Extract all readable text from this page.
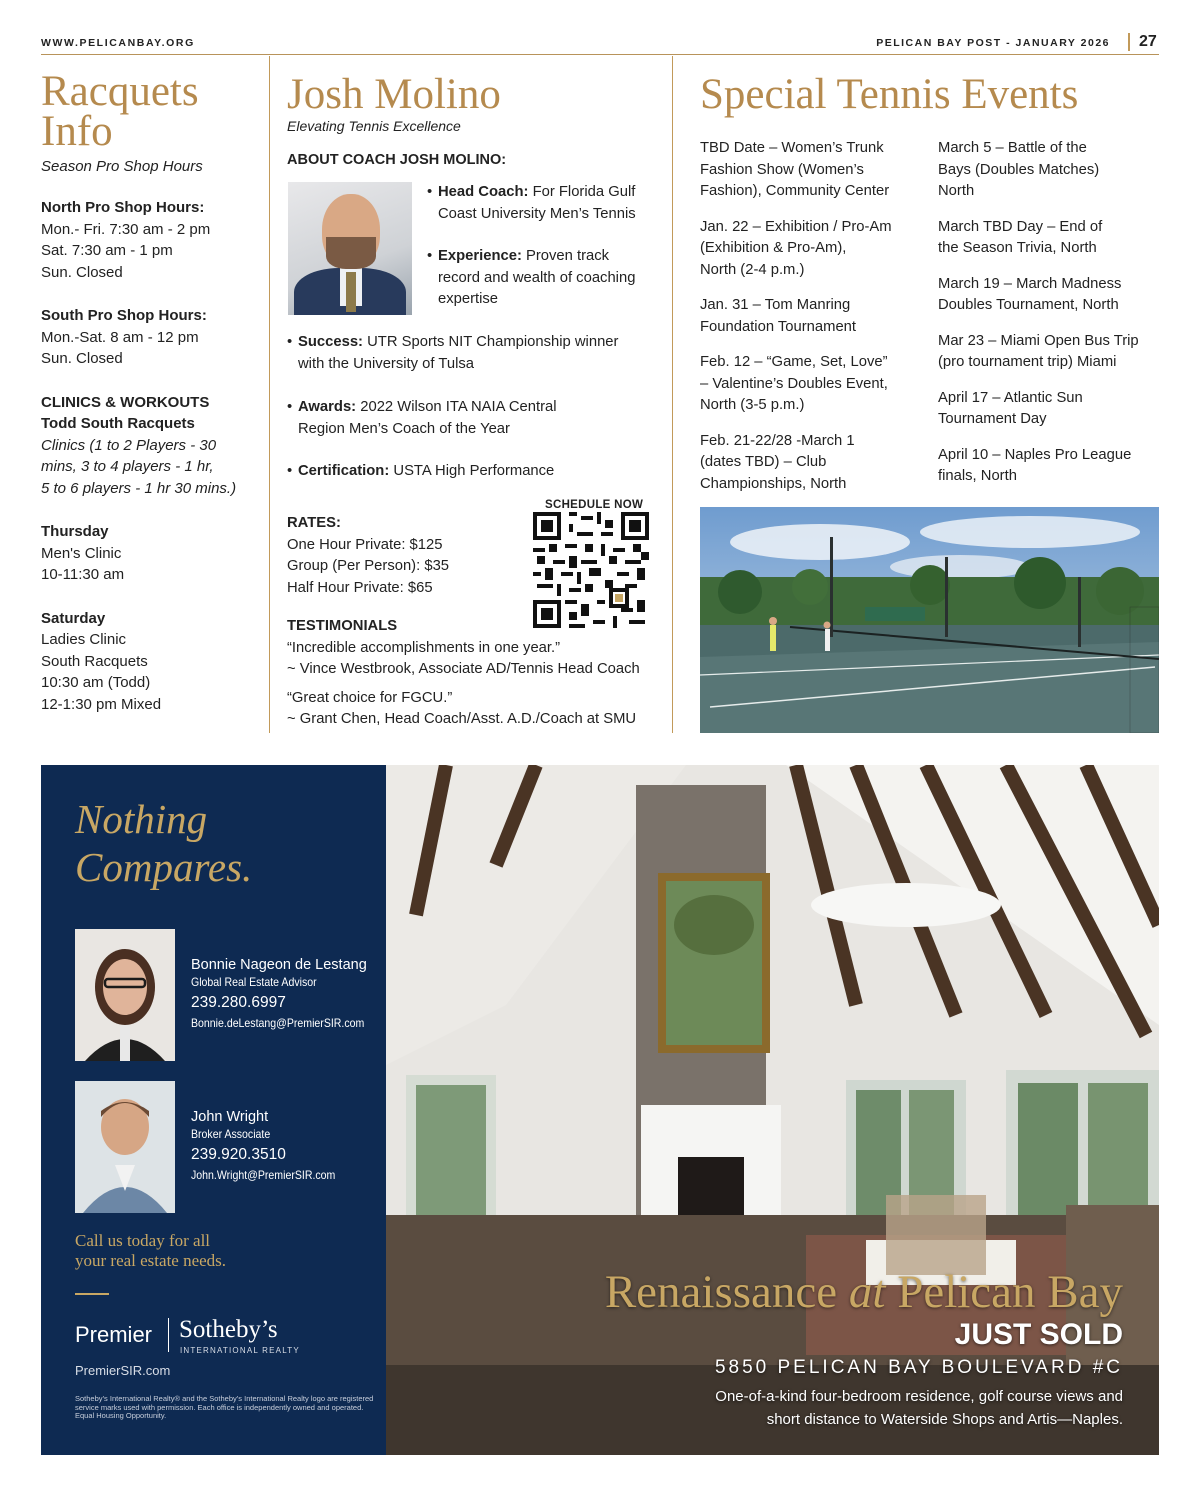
WWW.PELICANBAY.ORG	PELICAN BAY POST - JANUARY 2026 27
Racquets
Info
Season Pro Shop Hours
North Pro Shop Hours:
Mon.- Fri. 7:30 am - 2 pm
Sat. 7:30 am - 1 pm
Sun. Closed
South Pro Shop Hours:
Mon.-Sat. 8 am - 12 pm
Sun. Closed
CLINICS & WORKOUTS
Todd South Racquets
Clinics (1 to 2 Players - 30
mins, 3 to 4 players - 1 hr,
5 to 6 players - 1 hr 30 mins.)
Thursday
Men's Clinic
10-11:30 am
Saturday
Ladies Clinic
South Racquets
10:30 am (Todd)
12-1:30 pm Mixed
Josh Molino
Elevating Tennis Excellence
ABOUT COACH JOSH MOLINO:
• Head Coach: For Florida Gulf
Coast University Men’s Tennis
• Experience: Proven track
record and wealth of coaching
expertise
• Success: UTR Sports NIT Championship winner
with the University of Tulsa
• Awards: 2022 Wilson ITA NAIA Central
Region Men’s Coach of the Year
• Certification: USTA High Performance
SCHEDULE NOW
RATES:
One Hour Private: $125
Group (Per Person): $35
Half Hour Private: $65
TESTIMONIALS
“Incredible accomplishments in one year.”
~ Vince Westbrook, Associate AD/Tennis Head Coach
“Great choice for FGCU.”
~ Grant Chen, Head Coach/Asst. A.D./Coach at SMU
Special Tennis Events
TBD Date – Women’s Trunk
Fashion Show (Women’s
Fashion), Community Center
Jan. 22 – Exhibition / Pro-Am
(Exhibition & Pro-Am),
North (2-4 p.m.)
Jan. 31 – Tom Manring
Foundation Tournament
Feb. 12 – “Game, Set, Love”
– Valentine’s Doubles Event,
North (3-5 p.m.)
Feb. 21-22/28 -March 1
(dates TBD) – Club
Championships, North
March 5 – Battle of the
Bays (Doubles Matches)
North
March TBD Day – End of
the Season Trivia, North
March 19 – March Madness
Doubles Tournament, North
Mar 23 – Miami Open Bus Trip
(pro tournament trip) Miami
April 17 – Atlantic Sun
Tournament Day
April 10 – Naples Pro League
finals, North
Nothing
Compares.
Bonnie Nageon de Lestang
Global Real Estate Advisor
239.280.6997
Bonnie.deLestang@PremierSIR.com
John Wright
Broker Associate
239.920.3510
John.Wright@PremierSIR.com
Call us today for all
your real estate needs.
Premier Sotheby’s
INTERNATIONAL REALTY
PremierSIR.com
Sotheby’s International Realty® and the Sotheby’s International Realty logo are registered service marks used with permission. Each office is independently owned and operated. Equal Housing Opportunity.
Renaissance at Pelican Bay
JUST SOLD
5850 PELICAN BAY BOULEVARD #C
One-of-a-kind four-bedroom residence, golf course views and
short distance to Waterside Shops and Artis—Naples.
